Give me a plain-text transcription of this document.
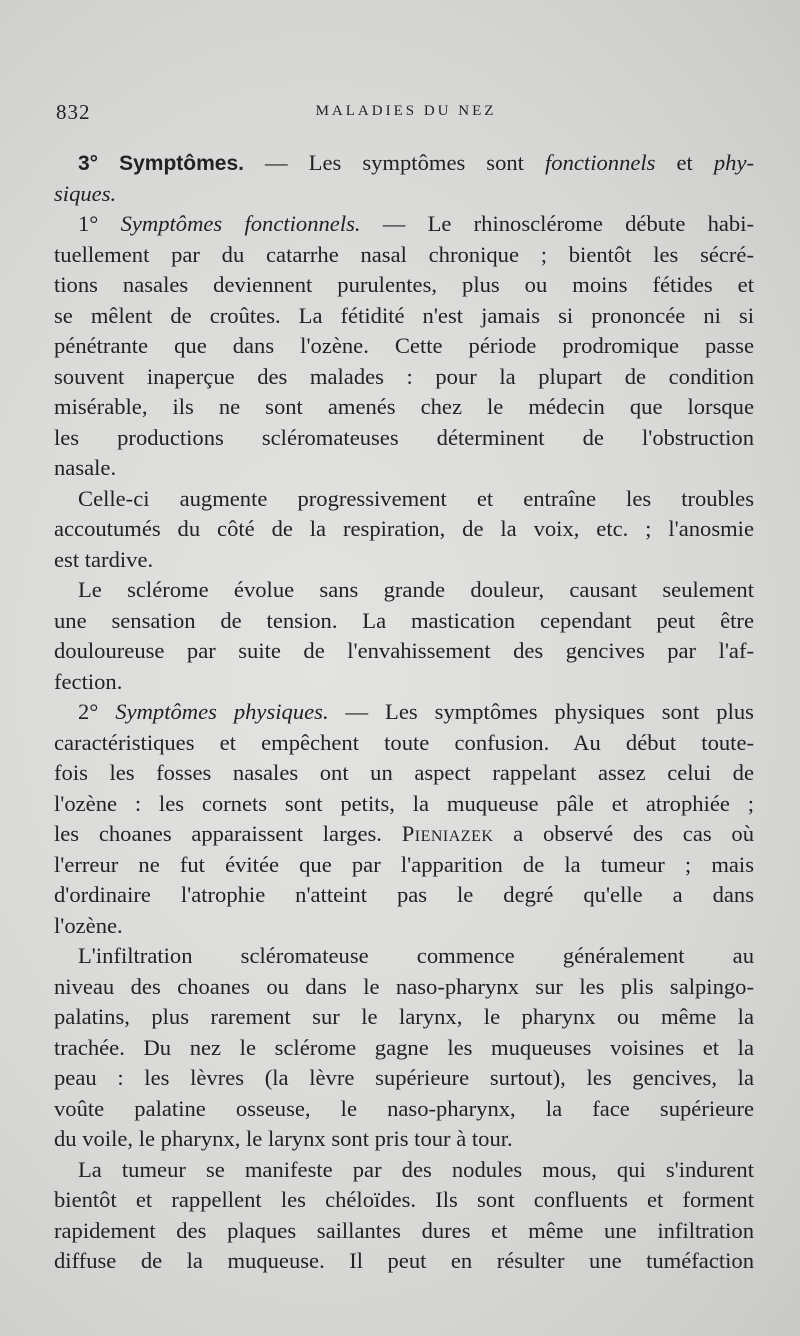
832	MALADIES DU NEZ
3° Symptômes. — Les symptômes sont fonctionnels et phy-
siques.
1° Symptômes fonctionnels. — Le rhinosclérome débute habi-
tuellement par du catarrhe nasal chronique ; bientôt les sécré-
tions nasales deviennent purulentes, plus ou moins fétides et
se mêlent de croûtes. La fétidité n'est jamais si prononcée ni si
pénétrante que dans l'ozène. Cette période prodromique passe
souvent inaperçue des malades : pour la plupart de condition
misérable, ils ne sont amenés chez le médecin que lorsque
les productions scléromateuses déterminent de l'obstruction
nasale.
Celle-ci augmente progressivement et entraîne les troubles
accoutumés du côté de la respiration, de la voix, etc. ; l'anosmie
est tardive.
Le sclérome évolue sans grande douleur, causant seulement
une sensation de tension. La mastication cependant peut être
douloureuse par suite de l'envahissement des gencives par l'af-
fection.
2° Symptômes physiques. — Les symptômes physiques sont plus
caractéristiques et empêchent toute confusion. Au début toute-
fois les fosses nasales ont un aspect rappelant assez celui de
l'ozène : les cornets sont petits, la muqueuse pâle et atrophiée ;
les choanes apparaissent larges. Pieniazek a observé des cas où
l'erreur ne fut évitée que par l'apparition de la tumeur ; mais
d'ordinaire l'atrophie n'atteint pas le degré qu'elle a dans
l'ozène.
L'infiltration scléromateuse commence généralement au
niveau des choanes ou dans le naso-pharynx sur les plis salpingo-
palatins, plus rarement sur le larynx, le pharynx ou même la
trachée. Du nez le sclérome gagne les muqueuses voisines et la
peau : les lèvres (la lèvre supérieure surtout), les gencives, la
voûte palatine osseuse, le naso-pharynx, la face supérieure
du voile, le pharynx, le larynx sont pris tour à tour.
La tumeur se manifeste par des nodules mous, qui s'indurent
bientôt et rappellent les chéloïdes. Ils sont confluents et forment
rapidement des plaques saillantes dures et même une infiltration
diffuse de la muqueuse. Il peut en résulter une tuméfaction
